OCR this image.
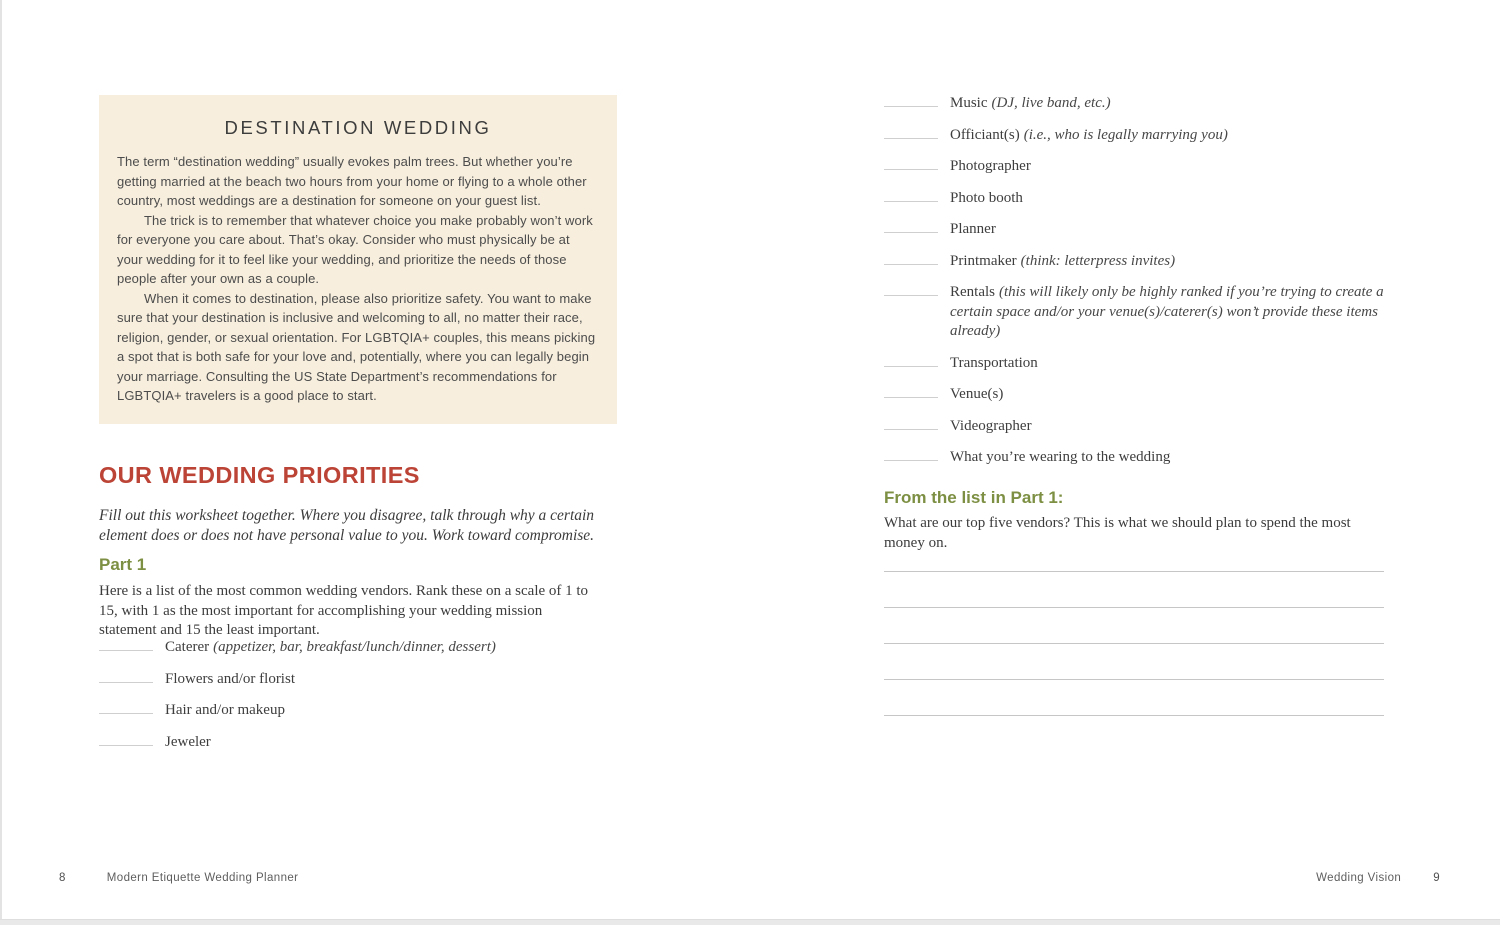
DESTINATION WEDDING

The term “destination wedding” usually evokes palm trees. But whether you’re getting married at the beach two hours from your home or flying to a whole other country, most weddings are a destination for someone on your guest list.

The trick is to remember that whatever choice you make probably won’t work for everyone you care about. That’s okay. Consider who must physically be at your wedding for it to feel like your wedding, and prioritize the needs of those people after your own as a couple.

When it comes to destination, please also prioritize safety. You want to make sure that your destination is inclusive and welcoming to all, no matter their race, religion, gender, or sexual orientation. For LGBTQIA+ couples, this means picking a spot that is both safe for your love and, potentially, where you can legally begin your marriage. Consulting the US State Department’s recommendations for LGBTQIA+ travelers is a good place to start.

OUR WEDDING PRIORITIES

Fill out this worksheet together. Where you disagree, talk through why a certain element does or does not have personal value to you. Work toward compromise.

Part 1

Here is a list of the most common wedding vendors. Rank these on a scale of 1 to 15, with 1 as the most important for accomplishing your wedding mission statement and 15 the least important.

Caterer (appetizer, bar, breakfast/lunch/dinner, dessert)
Flowers and/or florist
Hair and/or makeup
Jeweler
Music (DJ, live band, etc.)
Officiant(s) (i.e., who is legally marrying you)
Photographer
Photo booth
Planner
Printmaker (think: letterpress invites)
Rentals (this will likely only be highly ranked if you’re trying to create a certain space and/or your venue(s)/caterer(s) won’t provide these items already)
Transportation
Venue(s)
Videographer
What you’re wearing to the wedding
From the list in Part 1:

What are our top five vendors? This is what we should plan to spend the most money on.

8	Modern Etiquette Wedding Planner	Wedding Vision	9
